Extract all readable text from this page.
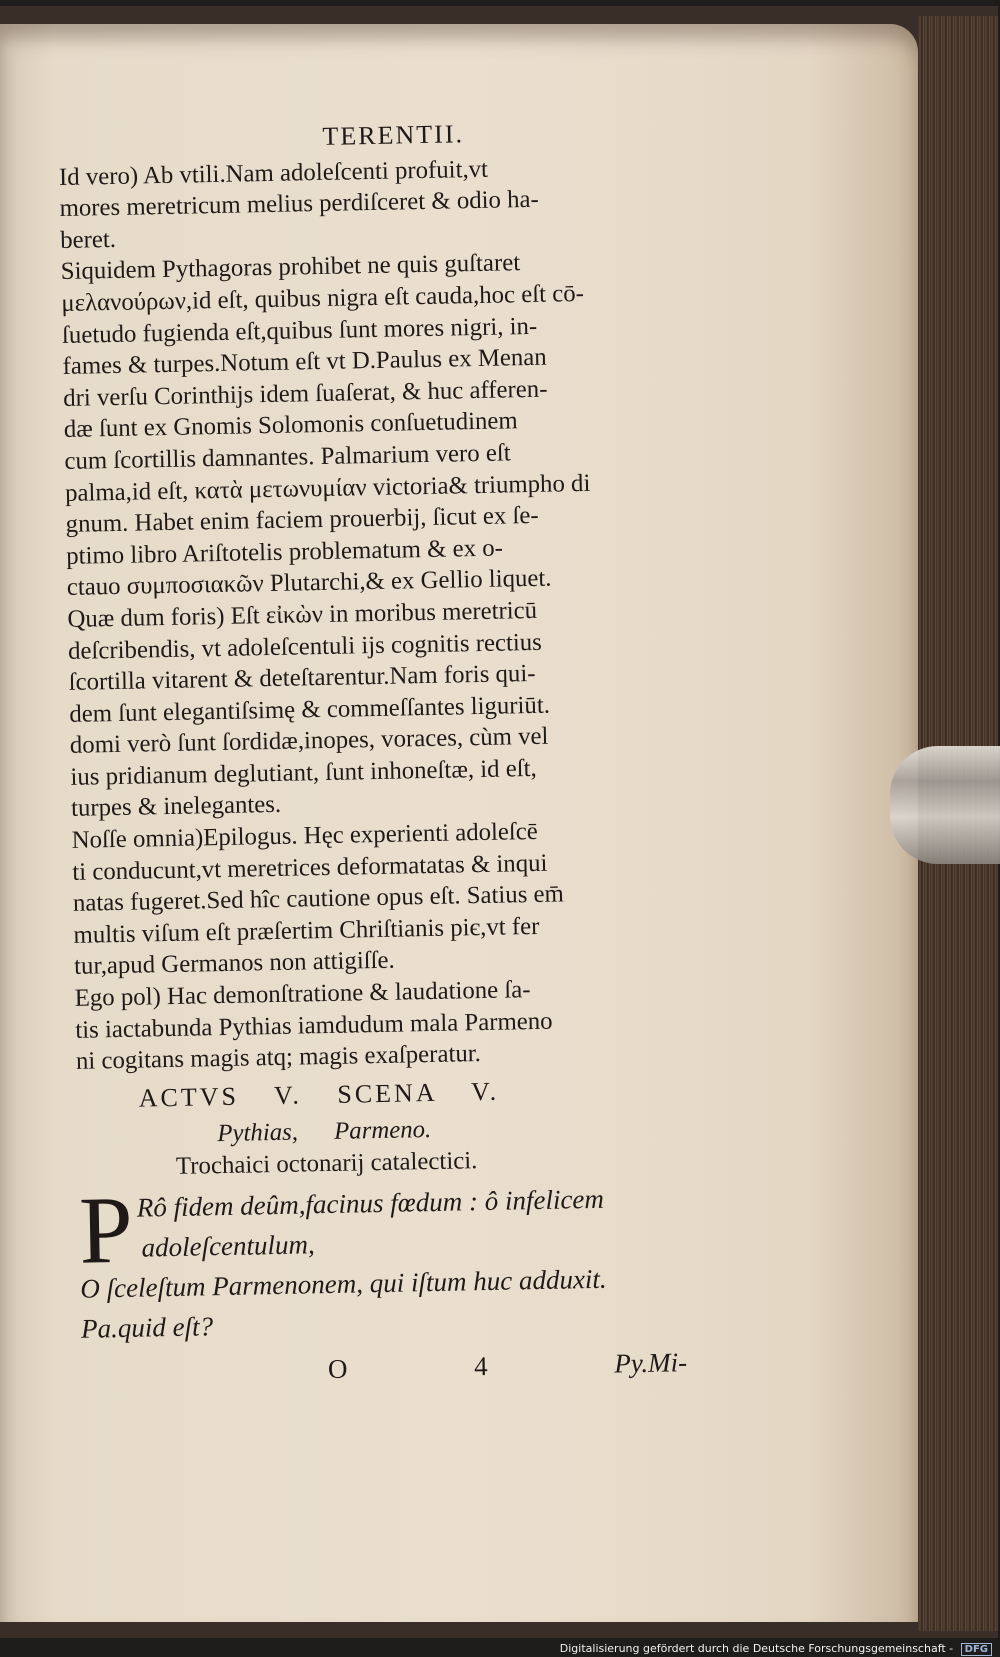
TERENTII.

Id vero) Ab vtili.Nam adoleſcenti profuit,vt

mores meretricum melius perdiſceret & odio ha-

beret.

Siquidem Pythagoras prohibet ne quis guſtaret

μελανούρων,id eſt, quibus nigra eſt cauda,hoc eſt cō-

ſuetudo fugienda eſt,quibus ſunt mores nigri, in-

fames & turpes.Notum eſt vt D.Paulus ex Menan

dri verſu Corinthijs idem ſuaſerat, & huc afferen-

dæ ſunt ex Gnomis Solomonis conſuetudinem

cum ſcortillis damnantes. Palmarium vero eſt

palma,id eſt, κατὰ μετωνυμίαν victoria& triumpho di

gnum. Habet enim faciem prouerbij, ſicut ex ſe-

ptimo libro Ariſtotelis problematum & ex o-

ctauo συμποσιακῶν Plutarchi,& ex Gellio liquet.

Quæ dum foris) Eſt εἰκὼν in moribus meretricū

deſcribendis, vt adoleſcentuli ijs cognitis rectius

ſcortilla vitarent & deteſtarentur.Nam foris qui-

dem ſunt elegantiſsimę & commeſſantes liguriūt.

domi verò ſunt ſordidæ,inopes, voraces, cùm vel

ius pridianum deglutiant, ſunt inhoneſtæ, id eſt,

turpes & inelegantes.

Noſſe omnia)Epilogus. Hęc experienti adoleſcē

ti conducunt,vt meretrices deformatatas & inqui

natas fugeret.Sed hîc cautione opus eſt. Satius em̄

multis viſum eſt præſertim Chriſtianis piє,vt fer

tur,apud Germanos non attigiſſe.

Ego pol) Hac demonſtratione & laudatione ſa-

tis iactabunda Pythias iamdudum mala Parmeno

ni cogitans magis atq; magis exaſperatur.

ACTVS V. SCENA V.

Pythias, Parmeno.

Trochaici octonarij catalectici.

P Rô fidem deûm,facinus fœdum : ô infelicem

adoleſcentulum,

O ſceleſtum Parmenonem, qui iſtum huc adduxit.

Pa.quid eſt?

O 4	Py.Mi-

Digitalisierung gefördert durch die Deutsche Forschungsgemeinschaft - DFG
